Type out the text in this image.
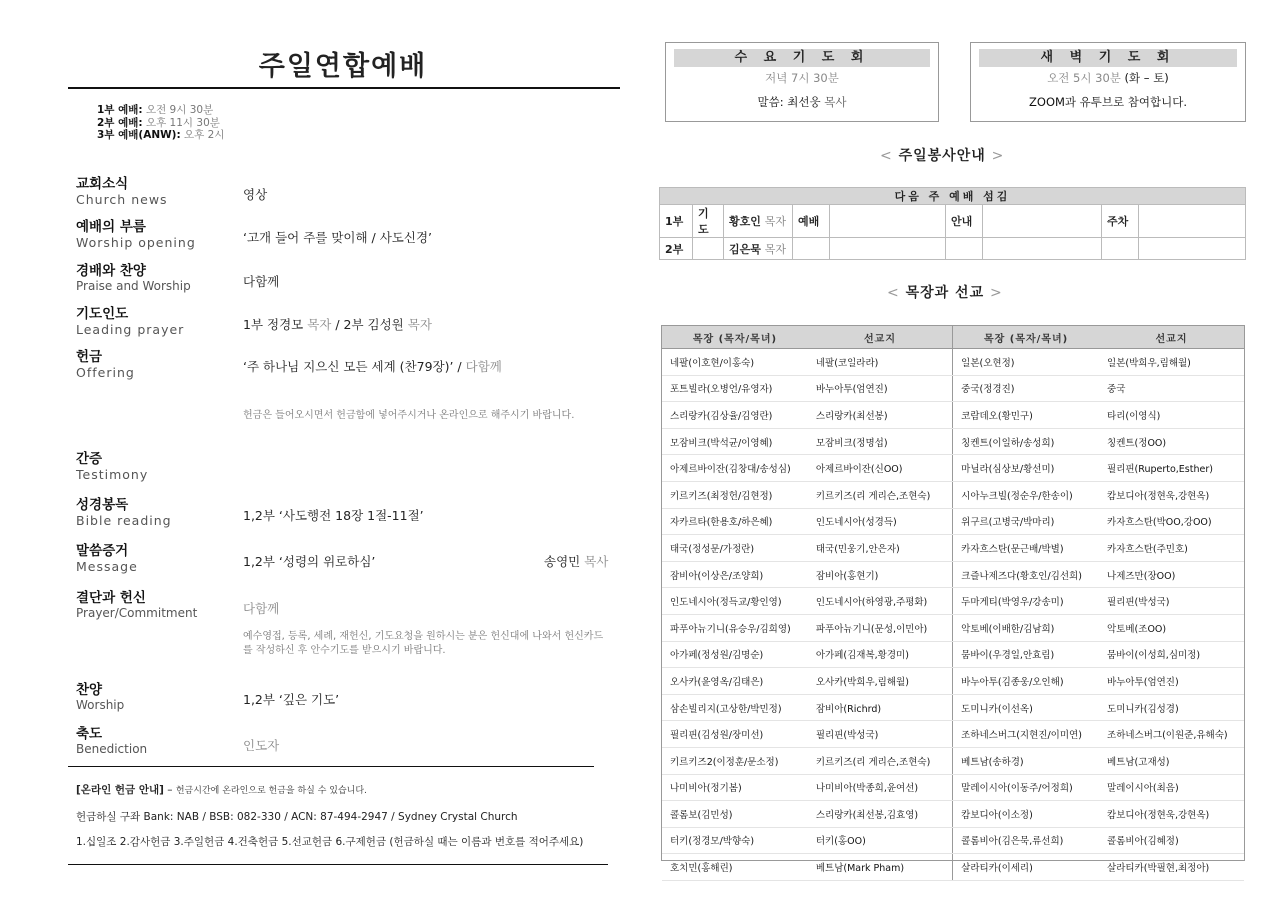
주일연합예배
1부 예배: 오전 9시 30분
2부 예배: 오후 11시 30분
3부 예배(ANW): 오후 2시
교회소식
Church news	영상
예배의 부름
Worship opening	‘고개 들어 주를 맞이해 / 사도신경’
경배와 찬양
Praise and Worship	다함께
기도인도
Leading prayer	1부 정경모 목자 / 2부 김성원 목자
헌금
Offering	‘주 하나님 지으신 모든 세계 (찬79장)’ / 다함께
헌금은 들어오시면서 헌금함에 넣어주시거나 온라인으로 해주시기 바랍니다.
간증
Testimony
성경봉독
Bible reading	1,2부 ‘사도행전 18장 1절-11절’
말씀증거
Message	1,2부 ‘성령의 위로하심’	송영민 목사
결단과 헌신
Prayer/Commitment	다함께
예수영접, 등록, 세례, 재헌신, 기도요청을 원하시는 분은 헌신대에 나와서 헌신카드를 작성하신 후 안수기도를 받으시기 바랍니다.
찬양
Worship	1,2부 ‘깊은 기도’
축도
Benediction	인도자
[온라인 헌금 안내] – 헌금시간에 온라인으로 헌금을 하실 수 있습니다.
헌금하실 구좌 Bank: NAB / BSB: 082-330 / ACN: 87-494-2947 / Sydney Crystal Church
1.십일조 2.감사헌금 3.주일헌금 4.건축헌금 5.선교헌금 6.구제헌금 (헌금하실 때는 이름과 번호를 적어주세요)
수 요 기 도 회
저녁 7시 30분
말씀: 최선웅 목사
새 벽 기 도 회
오전 5시 30분 (화 – 토)
ZOOM과 유투브로 참여합니다.
< 주일봉사안내 >
다음 주 예배 섬김								
1부	기도	황호인 목자	예배		안내		주차	
2부		김은묵 목자						
< 목장과 선교 >
목장 (목자/목녀)	선교지	목장 (목자/목녀)	선교지
네팔(이호현/이홍숙)	네팔(코일라라)	일본(오현정)	일본(박희우,림해월)
포트빌라(오병언/유영자)	바누아투(엄연진)	중국(정경진)	중국
스리랑카(김상율/김영란)	스리랑카(최선봉)	코람데오(황민구)	타리(이영식)
모잠비크(박석균/이영혜)	모잠비크(정명섭)	칭켄트(이일하/송성희)	칭켄트(정OO)
아제르바이잔(김창대/송성심)	아제르바이잔(신OO)	마닐라(심상보/황선미)	필리핀(Ruperto,Esther)
키르키즈(최정헌/김현정)	키르키즈(리 게리슨,조현숙)	시아누크빌(정순우/한송이)	캄보디아(정현욱,강현옥)
자카르타(한용호/하은혜)	인도네시아(성경득)	위구르(고병국/박마리)	카자흐스탄(박OO,강OO)
태국(정성문/가정란)	태국(민웅기,안은자)	카자흐스탄(문근배/박별)	카자흐스탄(주민호)
잠비아(이상은/조양희)	잠비아(홍현기)	크즐나제즈다(황호인/김선희)	나제즈만(장OO)
인도네시아(정득교/황인영)	인도네시아(하영광,주평화)	두마게티(박영우/강송미)	필리핀(박성국)
파푸아뉴기니(유승우/김희영)	파푸아뉴기니(문성,이민아)	악토베(이배한/김남희)	악토베(조OO)
아가페(정성원/김명순)	아가페(김재복,황경미)	뭄바이(우경일,안효림)	뭄바이(이성희,심미정)
오사카(윤영옥/김태은)	오사카(박희우,림해월)	바누아투(김종웅/오인해)	바누아투(엄연진)
삼손빌리지(고상한/박민정)	잠비아(Richrd)	도미니카(이선옥)	도미니카(김성경)
필리핀(김성원/장미선)	필리핀(박성국)	조하네스버그(지현진/이미연)	조하네스버그(이원준,유해숙)
키르키즈2(이정훈/문소정)	키르키즈(리 게리슨,조현숙)	베트남(송하경)	베트남(고재성)
나미비아(정기봄)	나미비아(박종희,윤여선)	말레이시아(이동주/어정희)	말레이시아(최음)
콜롬보(김민성)	스리랑카(최선봉,김효영)	캄보디아(이소정)	캄보디아(정현욱,강현옥)
터키(정경모/박향숙)	터키(홍OO)	콜롬비아(김은묵,류선희)	콜롬비아(김혜정)
호치민(홍해린)	베트남(Mark Pham)	살라티카(이세리)	살라티카(박필현,최정아)
